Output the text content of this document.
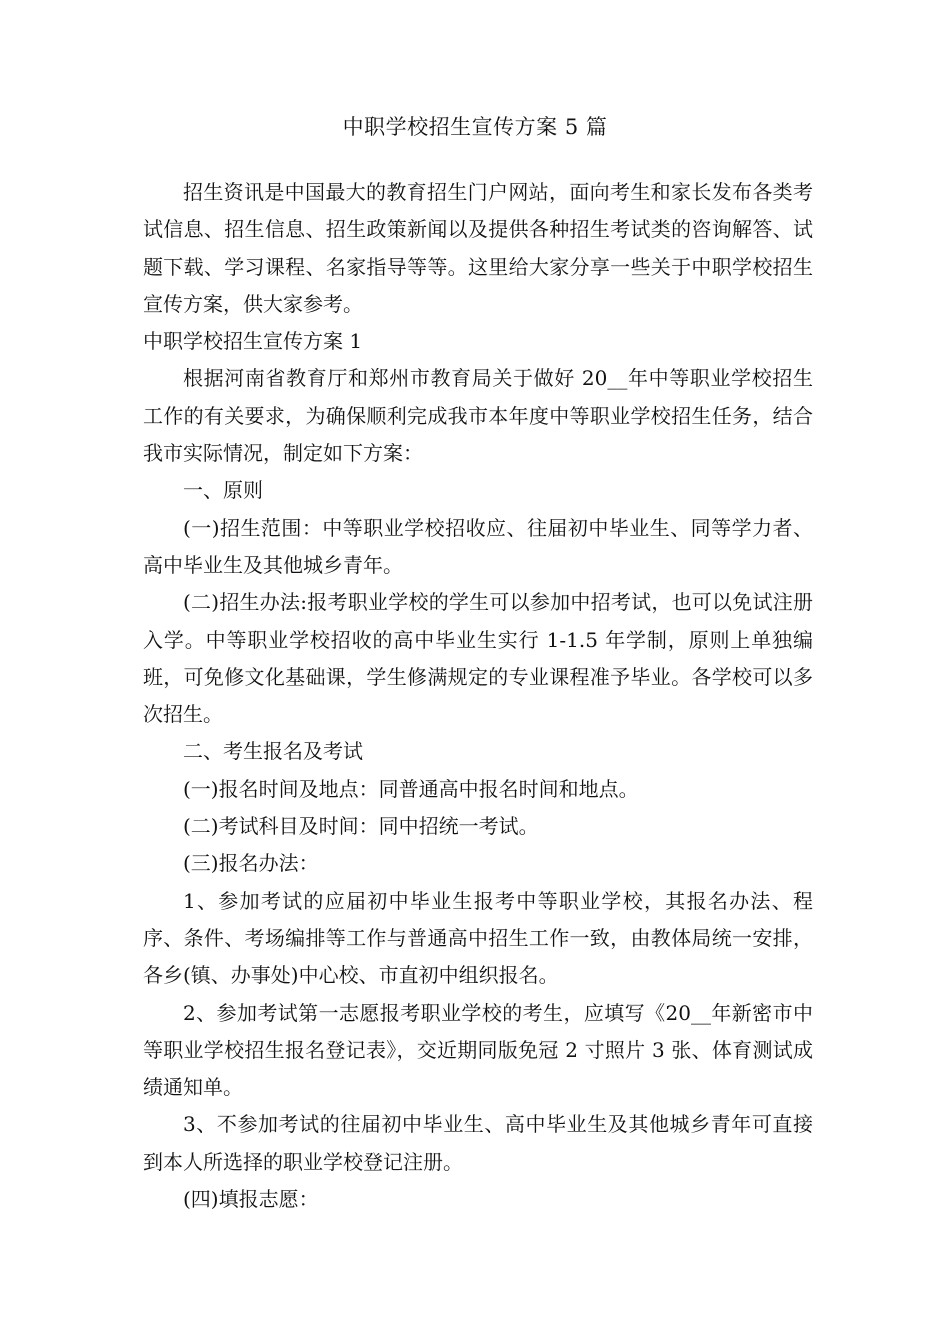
中职学校招生宣传方案 5 篇

招生资讯是中国最大的教育招生门户网站，面向考生和家长发布各类考试信息、招生信息、招生政策新闻以及提供各种招生考试类的咨询解答、试题下载、学习课程、名家指导等等。这里给大家分享一些关于中职学校招生宣传方案，供大家参考。

中职学校招生宣传方案 1

根据河南省教育厅和郑州市教育局关于做好 20__年中等职业学校招生工作的有关要求，为确保顺利完成我市本年度中等职业学校招生任务，结合我市实际情况，制定如下方案：

一、原则

(一)招生范围：中等职业学校招收应、往届初中毕业生、同等学力者、高中毕业生及其他城乡青年。

(二)招生办法:报考职业学校的学生可以参加中招考试，也可以免试注册入学。中等职业学校招收的高中毕业生实行 1-1.5 年学制，原则上单独编班，可免修文化基础课，学生修满规定的专业课程准予毕业。各学校可以多次招生。

二、考生报名及考试

(一)报名时间及地点：同普通高中报名时间和地点。

(二)考试科目及时间：同中招统一考试。

(三)报名办法：

1、参加考试的应届初中毕业生报考中等职业学校，其报名办法、程序、条件、考场编排等工作与普通高中招生工作一致，由教体局统一安排，各乡(镇、办事处)中心校、市直初中组织报名。

2、参加考试第一志愿报考职业学校的考生，应填写《20__年新密市中等职业学校招生报名登记表》，交近期同版免冠 2 寸照片 3 张、体育测试成绩通知单。

3、不参加考试的往届初中毕业生、高中毕业生及其他城乡青年可直接到本人所选择的职业学校登记注册。

(四)填报志愿：
